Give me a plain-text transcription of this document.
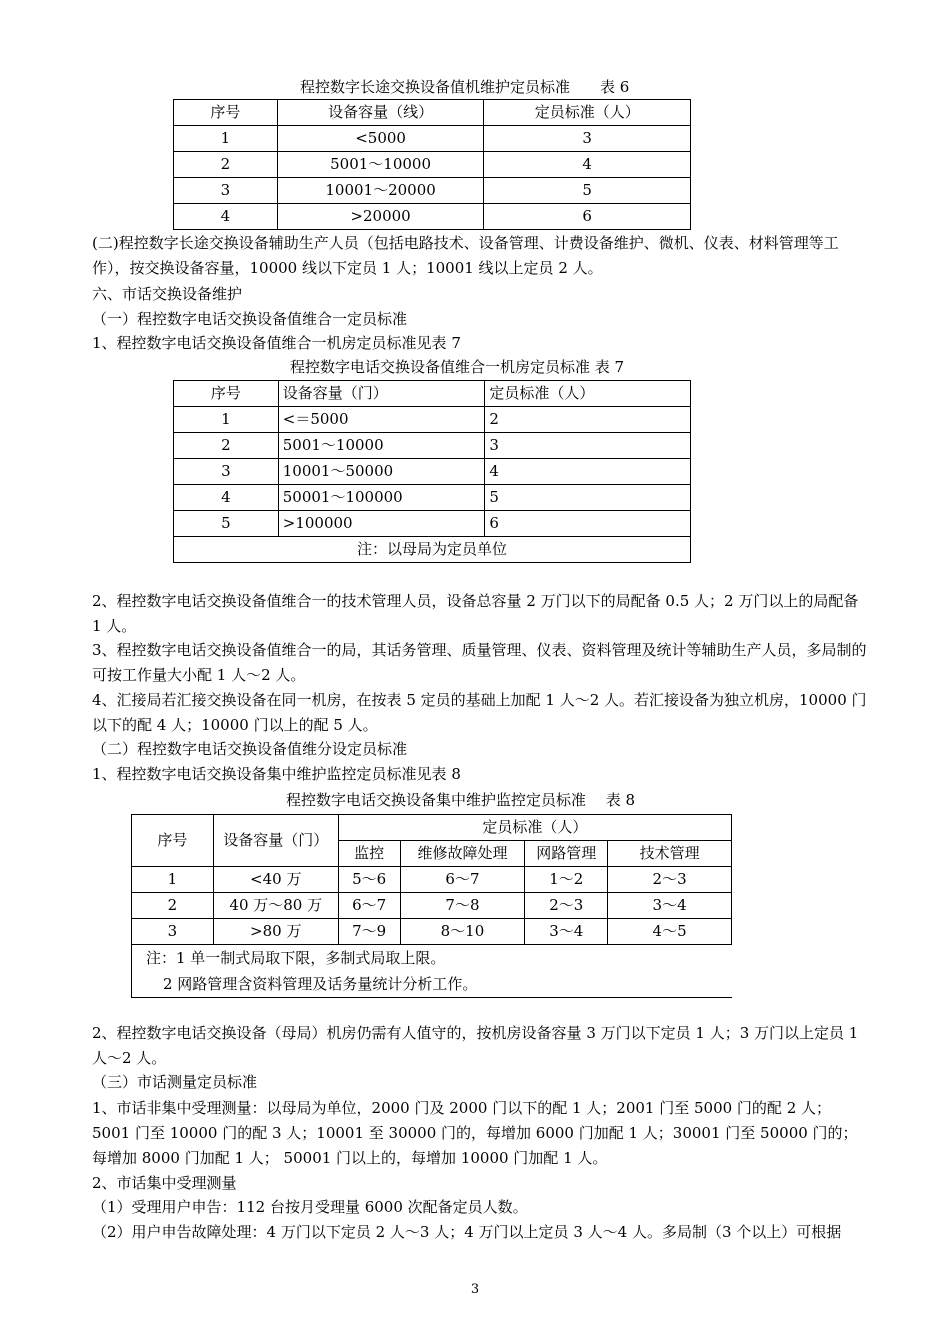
程控数字长途交换设备值机维护定员标准　　表 6
序号	设备容量（线）	定员标准（人）
1	<5000	3
2	5001～10000	4
3	10001～20000	5
4	>20000	6
(二)程控数字长途交换设备辅助生产人员（包括电路技术、设备管理、计费设备维护、微机、仪表、材料管理等工作），按交换设备容量，10000 线以下定员 1 人；10001 线以上定员 2 人。
六、市话交换设备维护
（一）程控数字电话交换设备值维合一定员标准
1、程控数字电话交换设备值维合一机房定员标准见表 7
程控数字电话交换设备值维合一机房定员标准 表 7
序号	设备容量（门）	定员标准（人）
1	<＝5000	2
2	5001～10000	3
3	10001～50000	4
4	50001～100000	5
5	>100000	6
注：以母局为定员单位		
2、程控数字电话交换设备值维合一的技术管理人员，设备总容量 2 万门以下的局配备 0.5 人；2 万门以上的局配备 1 人。
3、程控数字电话交换设备值维合一的局，其话务管理、质量管理、仪表、资料管理及统计等辅助生产人员，多局制的可按工作量大小配 1 人～2 人。
4、汇接局若汇接交换设备在同一机房，在按表 5 定员的基础上加配 1 人～2 人。若汇接设备为独立机房，10000 门以下的配 4 人；10000 门以上的配 5 人。
（二）程控数字电话交换设备值维分设定员标准
1、程控数字电话交换设备集中维护监控定员标准见表 8
程控数字电话交换设备集中维护监控定员标准　 表 8
序号	设备容量（门）	定员标准（人）			
		监控	维修故障处理	网路管理	技术管理
1	<40 万	5～6	6～7	1～2	2～3
2	40 万～80 万	6～7	7～8	2～3	3～4
3	>80 万	7～9	8～10	3～4	4～5

注：1 单一制式局取下限，多制式局取上限。
2 网路管理含资料管理及话务量统计分析工作。					
2、程控数字电话交换设备（母局）机房仍需有人值守的，按机房设备容量 3 万门以下定员 1 人；3 万门以上定员 1 人～2 人。
（三）市话测量定员标准
1、市话非集中受理测量：以母局为单位，2000 门及 2000 门以下的配 1 人；2001 门至 5000 门的配 2 人；5001 门至 10000 门的配 3 人；10001 至 30000 门的，每增加 6000 门加配 1 人；30001 门至 50000 门的；每增加 8000 门加配 1 人； 50001 门以上的，每增加 10000 门加配 1 人。
2、市话集中受理测量
（1）受理用户申告：112 台按月受理量 6000 次配备定员人数。
（2）用户申告故障处理：4 万门以下定员 2 人～3 人；4 万门以上定员 3 人～4 人。多局制（3 个以上）可根据
3
